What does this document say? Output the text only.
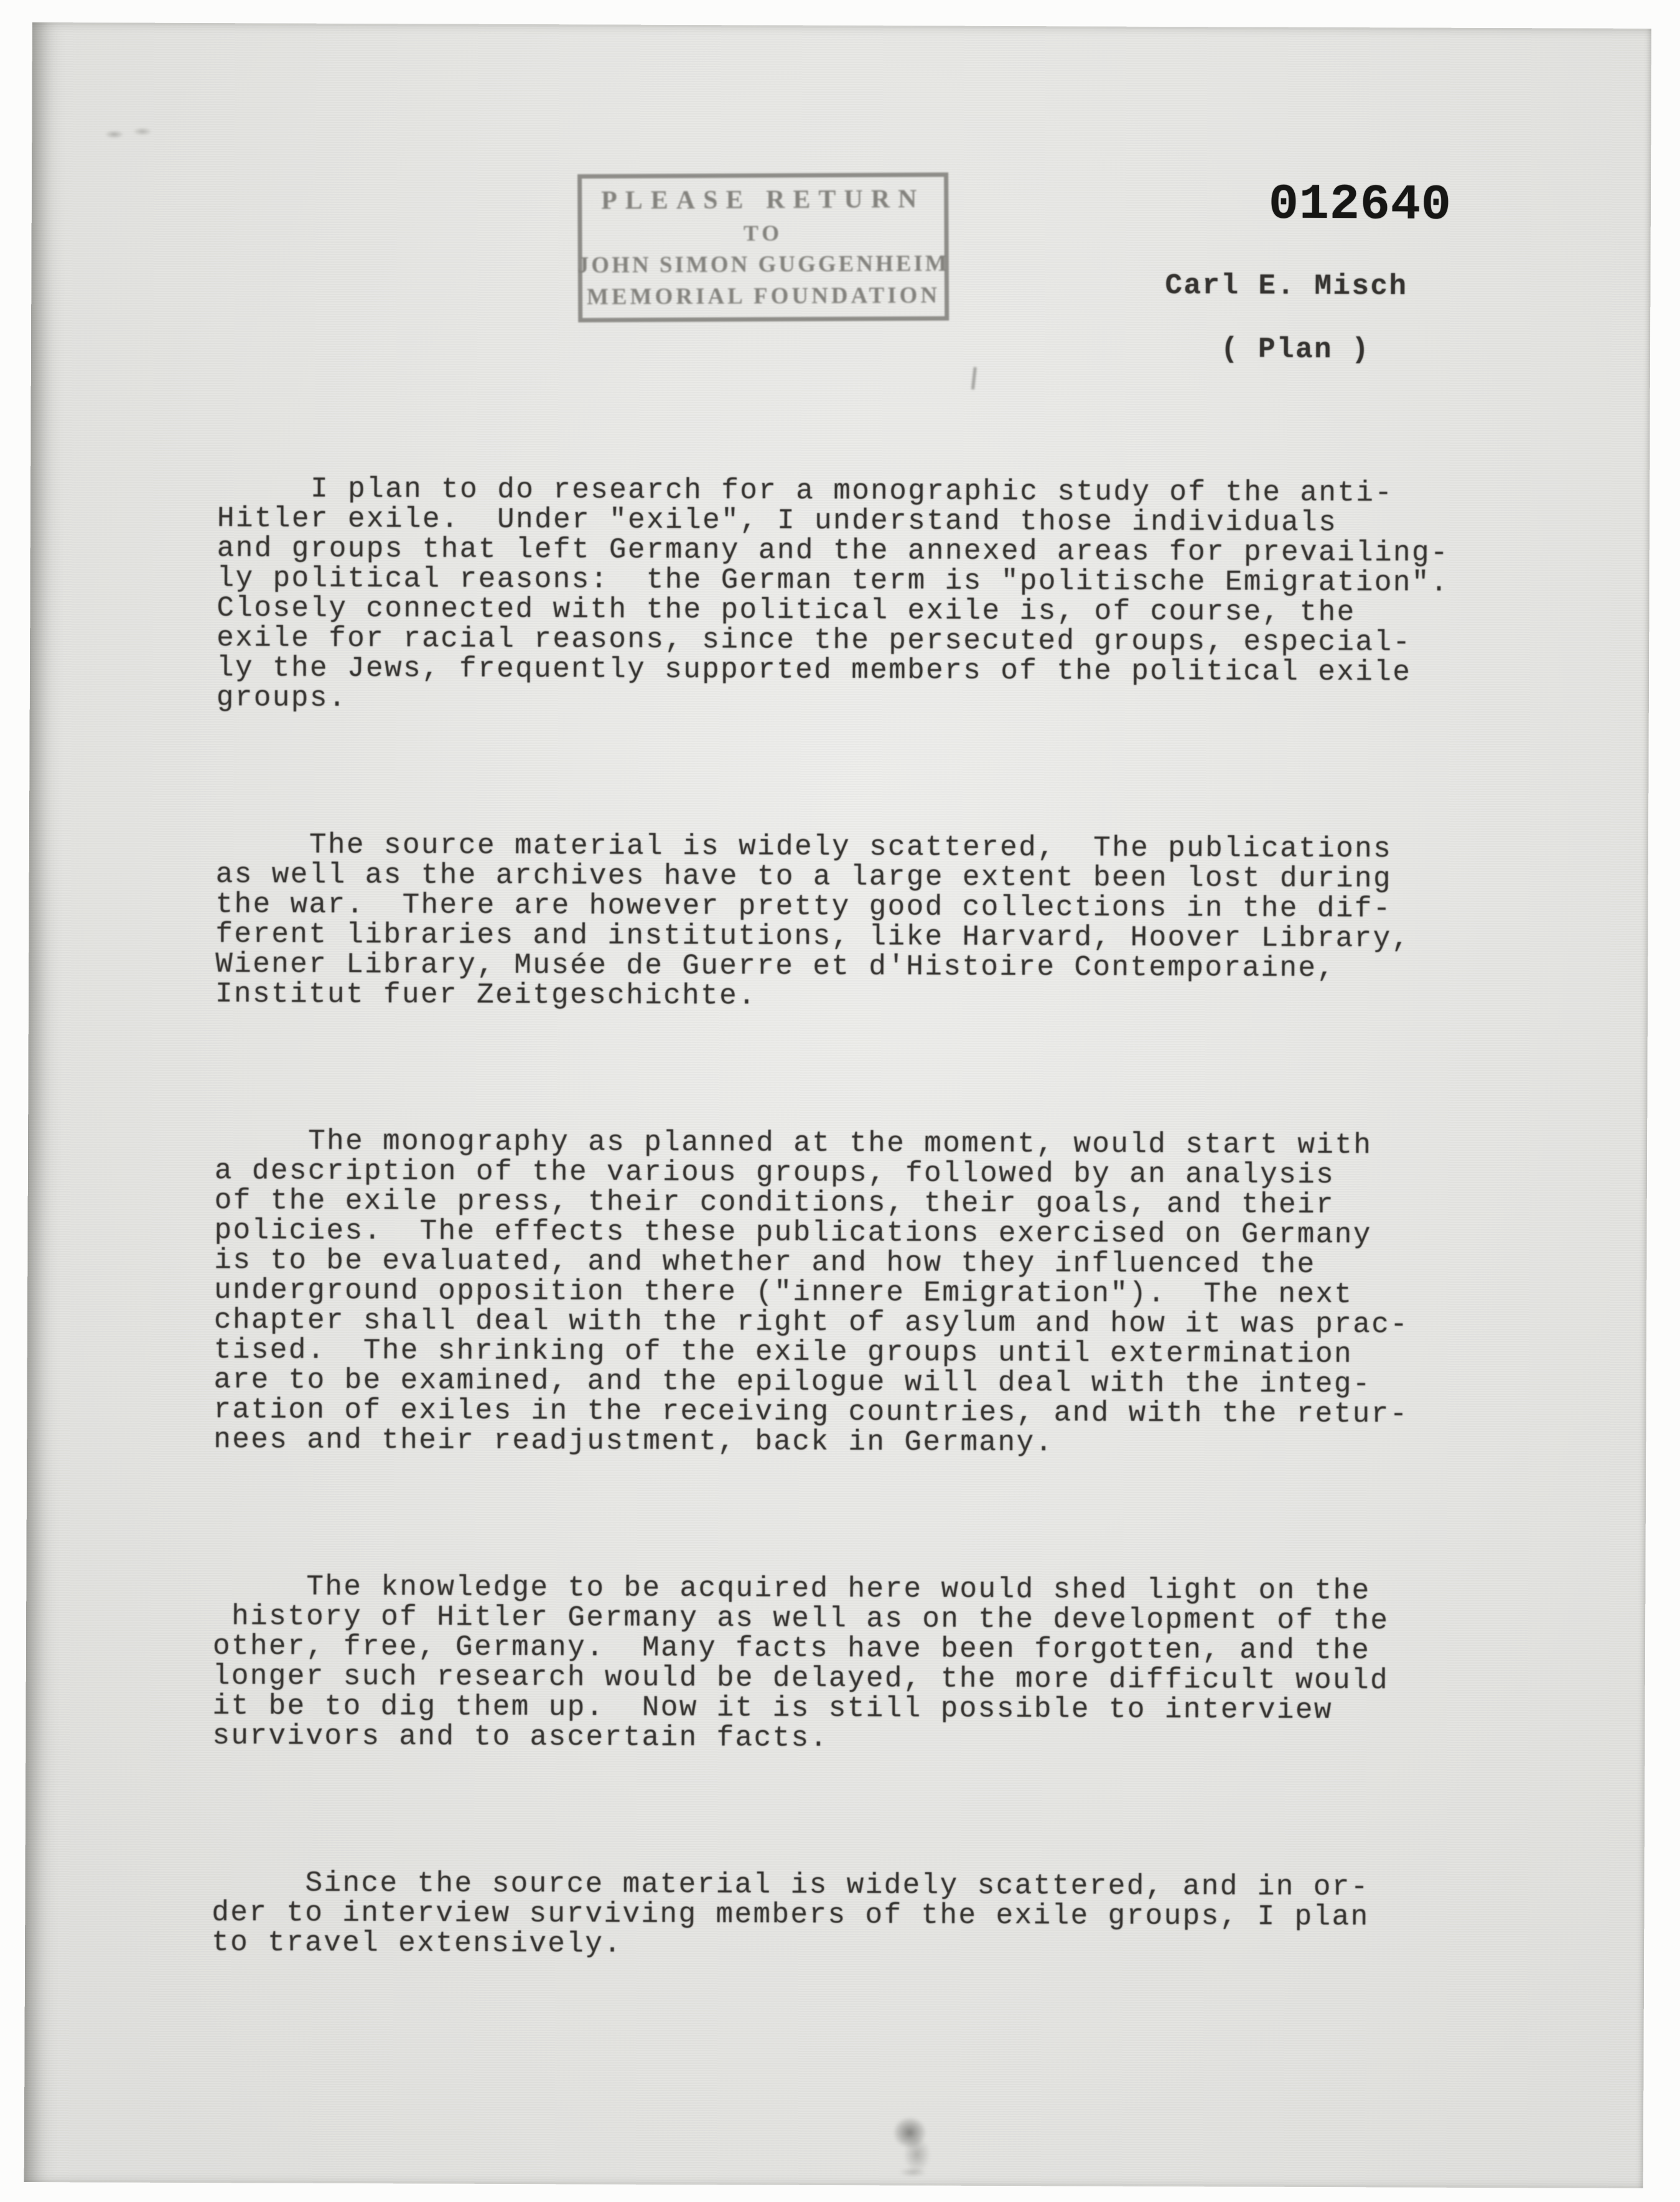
PLEASE RETURN
TO
JOHN SIMON GUGGENHEIM
MEMORIAL FOUNDATION
012640
Carl E. Misch
( Plan )

I plan to do research for a monographic study of the anti-
Hitler exile.  Under "exile", I understand those individuals
and groups that left Germany and the annexed areas for prevailing-
ly political reasons:  the German term is "politische Emigration".
Closely connected with the political exile is, of course, the
exile for racial reasons, since the persecuted groups, especial-
ly the Jews, frequently supported members of the political exile
groups.

The source material is widely scattered,  The publications
as well as the archives have to a large extent been lost during
the war.  There are however pretty good collections in the dif-
ferent libraries and institutions, like Harvard, Hoover Library,
Wiener Library, Musée de Guerre et d'Histoire Contemporaine,
Institut fuer Zeitgeschichte.

The monography as planned at the moment, would start with
a description of the various groups, followed by an analysis
of the exile press, their conditions, their goals, and their
policies.  The effects these publications exercised on Germany
is to be evaluated, and whether and how they influenced the
underground opposition there ("innere Emigration").  The next
chapter shall deal with the right of asylum and how it was prac-
tised.  The shrinking of the exile groups until extermination
are to be examined, and the epilogue will deal with the integ-
ration of exiles in the receiving countries, and with the retur-
nees and their readjustment, back in Germany.

The knowledge to be acquired here would shed light on the
history of Hitler Germany as well as on the development of the
other, free, Germany.  Many facts have been forgotten, and the
longer such research would be delayed, the more difficult would
it be to dig them up.  Now it is still possible to interview
survivors and to ascertain facts.

Since the source material is widely scattered, and in or-
der to interview surviving members of the exile groups, I plan
to travel extensively.
